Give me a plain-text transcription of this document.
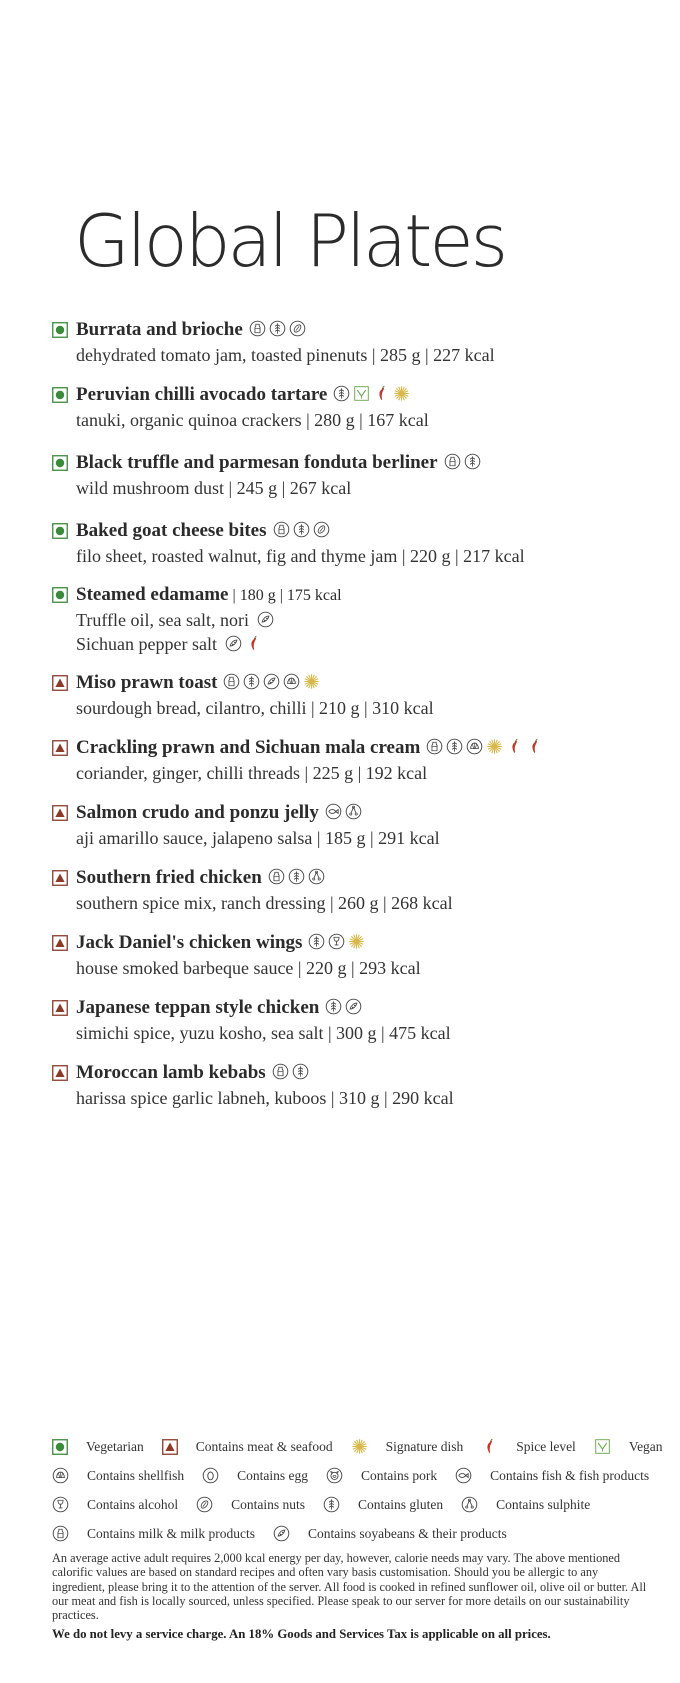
Global Plates
Burrata and brioche
dehydrated tomato jam, toasted pinenuts | 285 g | 227 kcal
Peruvian chilli avocado tartare
tanuki, organic quinoa crackers | 280 g | 167 kcal
Black truffle and parmesan fonduta berliner
wild mushroom dust | 245 g | 267 kcal
Baked goat cheese bites
filo sheet, roasted walnut, fig and thyme jam | 220 g | 217 kcal
Steamed edamame | 180 g | 175 kcal
Truffle oil, sea salt, nori
Sichuan pepper salt
Miso prawn toast
sourdough bread, cilantro, chilli | 210 g | 310 kcal
Crackling prawn and Sichuan mala cream
coriander, ginger, chilli threads | 225 g | 192 kcal
Salmon crudo and ponzu jelly
aji amarillo sauce, jalapeno salsa | 185 g | 291 kcal
Southern fried chicken
southern spice mix, ranch dressing | 260 g | 268 kcal
Jack Daniel's chicken wings
house smoked barbeque sauce | 220 g | 293 kcal
Japanese teppan style chicken
simichi spice, yuzu kosho, sea salt | 300 g | 475 kcal
Moroccan lamb kebabs
harissa spice garlic labneh, kuboos | 310 g | 290 kcal
Vegetarian	Contains meat & seafood	Signature dish	Spice level	Vegan
Contains shellfish	Contains egg	Contains pork	Contains fish & fish products
Contains alcohol	Contains nuts	Contains gluten	Contains sulphite
Contains milk & milk products	Contains soyabeans & their products
An average active adult requires 2,000 kcal energy per day, however, calorie needs may vary. The above mentioned calorific values are based on standard recipes and often vary basis customisation. Should you be allergic to any ingredient, please bring it to the attention of the server. All food is cooked in refined sunflower oil, olive oil or butter. All our meat and fish is locally sourced, unless specified. Please speak to our server for more details on our sustainability practices.
We do not levy a service charge. An 18% Goods and Services Tax is applicable on all prices.
